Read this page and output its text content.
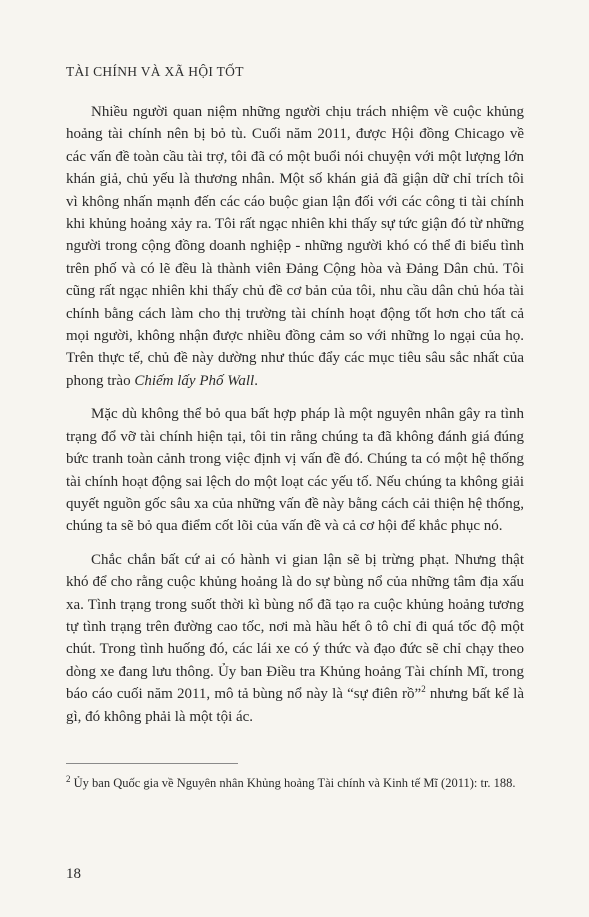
TÀI CHÍNH VÀ XÃ HỘI TỐT

Nhiều người quan niệm những người chịu trách nhiệm về cuộc khủng hoảng tài chính nên bị bỏ tù. Cuối năm 2011, được Hội đồng Chicago về các vấn đề toàn cầu tài trợ, tôi đã có một buổi nói chuyện với một lượng lớn khán giả, chủ yếu là thương nhân. Một số khán giả đã giận dữ chỉ trích tôi vì không nhấn mạnh đến các cáo buộc gian lận đối với các công ti tài chính khi khủng hoảng xảy ra. Tôi rất ngạc nhiên khi thấy sự tức giận đó từ những người trong cộng đồng doanh nghiệp - những người khó có thể đi biểu tình trên phố và có lẽ đều là thành viên Đảng Cộng hòa và Đảng Dân chủ. Tôi cũng rất ngạc nhiên khi thấy chủ đề cơ bản của tôi, nhu cầu dân chủ hóa tài chính bằng cách làm cho thị trường tài chính hoạt động tốt hơn cho tất cả mọi người, không nhận được nhiều đồng cảm so với những lo ngại của họ. Trên thực tế, chủ đề này dường như thúc đẩy các mục tiêu sâu sắc nhất của phong trào Chiếm lấy Phố Wall.

Mặc dù không thể bỏ qua bất hợp pháp là một nguyên nhân gây ra tình trạng đổ vỡ tài chính hiện tại, tôi tin rằng chúng ta đã không đánh giá đúng bức tranh toàn cảnh trong việc định vị vấn đề đó. Chúng ta có một hệ thống tài chính hoạt động sai lệch do một loạt các yếu tố. Nếu chúng ta không giải quyết nguồn gốc sâu xa của những vấn đề này bằng cách cải thiện hệ thống, chúng ta sẽ bỏ qua điểm cốt lõi của vấn đề và cả cơ hội để khắc phục nó.

Chắc chắn bất cứ ai có hành vi gian lận sẽ bị trừng phạt. Nhưng thật khó để cho rằng cuộc khủng hoảng là do sự bùng nổ của những tâm địa xấu xa. Tình trạng trong suốt thời kì bùng nổ đã tạo ra cuộc khủng hoảng tương tự tình trạng trên đường cao tốc, nơi mà hầu hết ô tô chỉ đi quá tốc độ một chút. Trong tình huống đó, các lái xe có ý thức và đạo đức sẽ chỉ chạy theo dòng xe đang lưu thông. Ủy ban Điều tra Khủng hoảng Tài chính Mĩ, trong báo cáo cuối năm 2011, mô tả bùng nổ này là “sự điên rồ”$^2$ nhưng bất kể là gì, đó không phải là một tội ác.

$^2$ Ủy ban Quốc gia về Nguyên nhân Khủng hoảng Tài chính và Kinh tế Mĩ (2011): tr. 188.
18
